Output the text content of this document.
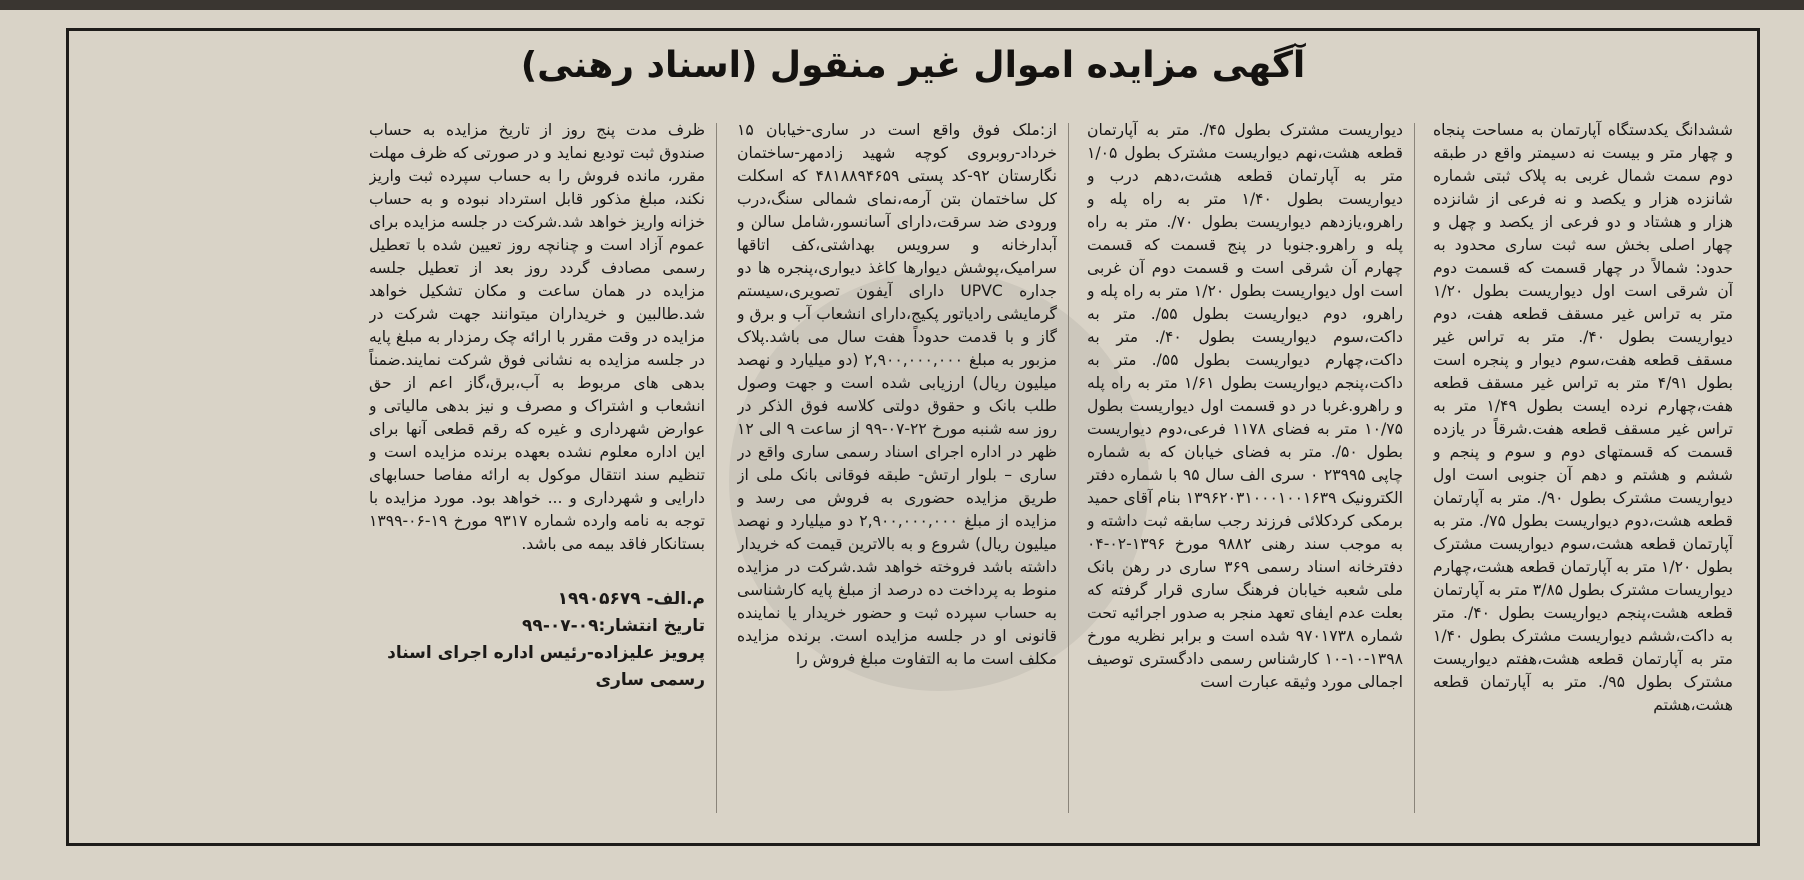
آگهی مزایده اموال غیر منقول (اسناد رهنی)
ششدانگ یکدستگاه آپارتمان به مساحت پنجاه و چهار متر و بیست نه دسیمتر واقع در طبقه دوم سمت شمال غربی به پلاک ثبتی شماره شانزده هزار و یکصد و نه فرعی از شانزده هزار و هشتاد و دو فرعی از یکصد و چهل و چهار اصلی بخش سه ثبت ساری محدود به حدود: شمالاً در چهار قسمت که قسمت دوم آن شرقی است اول دیواریست بطول ۱/۲۰ متر به تراس غیر مسقف قطعه هفت، دوم دیواریست بطول ۴۰/. متر به تراس غیر مسقف قطعه هفت،سوم دیوار و پنجره است بطول ۴/۹۱ متر به تراس غیر مسقف قطعه هفت،چهارم نرده ایست بطول ۱/۴۹ متر به تراس غیر مسقف قطعه هفت.شرقاً در یازده قسمت که قسمتهای دوم و سوم و پنجم و ششم و هشتم و دهم آن جنوبی است اول دیواریست مشترک بطول ۹۰/. متر به آپارتمان قطعه هشت،دوم دیواریست بطول ۷۵/. متر به آپارتمان قطعه هشت،سوم دیواریست مشترک بطول ۱/۲۰ متر به آپارتمان قطعه هشت،چهارم دیواریسات مشترک بطول ۳/۸۵ متر به آپارتمان قطعه هشت،پنجم دیواریست بطول ۴۰/. متر به داکت،ششم دیواریست مشترک بطول ۱/۴۰ متر به آپارتمان قطعه هشت،هفتم دیواریست مشترک بطول ۹۵/. متر به آپارتمان قطعه هشت،هشتم
دیواریست مشترک بطول ۴۵/. متر به آپارتمان قطعه هشت،نهم دیواریست مشترک بطول ۱/۰۵ متر به آپارتمان قطعه هشت،دهم درب و دیواریست بطول ۱/۴۰ متر به راه پله و راهرو،یازدهم دیواریست بطول ۷۰/. متر به راه پله و راهرو.جنوبا در پنج قسمت که قسمت چهارم آن شرقی است و قسمت دوم آن غربی است اول دیواریست بطول ۱/۲۰ متر به راه پله و راهرو، دوم دیواریست بطول ۵۵/. متر به داکت،سوم دیواریست بطول ۴۰/. متر به داکت،چهارم دیواریست بطول ۵۵/. متر به داکت،پنجم دیواریست بطول ۱/۶۱ متر به راه پله و راهرو.غربا در دو قسمت اول دیواریست بطول ۱۰/۷۵ متر به فضای ۱۱۷۸ فرعی،دوم دیواریست بطول ۵۰/. متر به فضای خیابان که به شماره چاپی ۲۳۹۹۵ ۰ سری الف سال ۹۵ با شماره دفتر الکترونیک ۱۳۹۶۲۰۳۱۰۰۰۱۰۰۱۶۳۹ بنام آقای حمید برمکی کردکلائی فرزند رجب سابقه ثبت داشته و به موجب سند رهنی ۹۸۸۲ مورخ ۱۳۹۶-۰۲-۰۴ دفترخانه اسناد رسمی ۳۶۹ ساری در رهن بانک ملی شعبه خیابان فرهنگ ساری قرار گرفته که بعلت عدم ایفای تعهد منجر به صدور اجرائیه تحت شماره ۹۷۰۱۷۳۸ شده است و برابر نظریه مورخ ۱۳۹۸-۱۰-۱۰ کارشناس رسمی دادگستری توصیف اجمالی مورد وثیقه عبارت است
از:ملک فوق واقع است در ساری-خیابان ۱۵ خرداد-روبروی کوچه شهید زادمهر-ساختمان نگارستان ۹۲-کد پستی ۴۸۱۸۸۹۴۶۵۹ که اسکلت کل ساختمان بتن آرمه،نمای شمالی سنگ،درب ورودی ضد سرقت،دارای آسانسور،شامل سالن و آبدارخانه و سرویس بهداشتی،کف اتاقها سرامیک،پوشش دیوارها کاغذ دیواری،پنجره ها دو جداره UPVC دارای آیفون تصویری،سیستم گرمایشی رادیاتور پکیج،دارای انشعاب آب و برق و گاز و با قدمت حدوداً هفت سال می باشد.پلاک مزبور به مبلغ ۲,۹۰۰,۰۰۰,۰۰۰ (دو میلیارد و نهصد میلیون ریال) ارزیابی شده است و جهت وصول طلب بانک و حقوق دولتی کلاسه فوق الذکر در روز سه شنبه مورخ ۲۲-۰۷-۹۹ از ساعت ۹ الی ۱۲ ظهر در اداره اجرای اسناد رسمی ساری واقع در ساری – بلوار ارتش- طبقه فوقانی بانک ملی از طریق مزایده حضوری به فروش می رسد و مزایده از مبلغ ۲,۹۰۰,۰۰۰,۰۰۰ دو میلیارد و نهصد میلیون ریال) شروع و به بالاترین قیمت که خریدار داشته باشد فروخته خواهد شد.شرکت در مزایده منوط به پرداخت ده درصد از مبلغ پایه کارشناسی به حساب سپرده ثبت و حضور خریدار یا نماینده قانونی او در جلسه مزایده است. برنده مزایده مکلف است ما به التفاوت مبلغ فروش را
ظرف مدت پنج روز از تاریخ مزایده به حساب صندوق ثبت تودیع نماید و در صورتی که ظرف مهلت مقرر، مانده فروش را به حساب سپرده ثبت واریز نکند، مبلغ مذکور قابل استرداد نبوده و به حساب خزانه واریز خواهد شد.شرکت در جلسه مزایده برای عموم آزاد است و چنانچه روز تعیین شده با تعطیل رسمی مصادف گردد روز بعد از تعطیل جلسه مزایده در همان ساعت و مکان تشکیل خواهد شد.طالبین و خریداران میتوانند جهت شرکت در مزایده در وقت مقرر با ارائه چک رمزدار به مبلغ پایه در جلسه مزایده به نشانی فوق شرکت نمایند.ضمناً بدهی های مربوط به آب،برق،گاز اعم از حق انشعاب و اشتراک و مصرف و نیز بدهی مالیاتی و عوارض شهرداری و غیره که رقم قطعی آنها برای این اداره معلوم نشده بعهده برنده مزایده است و تنظیم سند انتقال موکول به ارائه مفاصا حسابهای دارایی و شهرداری و ... خواهد بود. مورد مزایده با توجه به نامه وارده شماره ۹۳۱۷ مورخ ۱۹-۰۶-۱۳۹۹ بستانکار فاقد بیمه می باشد.
م.الف- ۱۹۹۰۵۶۷۹
تاریخ انتشار:۰۹-۰۷-۹۹
پرویز علیزاده-رئیس اداره اجرای اسناد
رسمی ساری
